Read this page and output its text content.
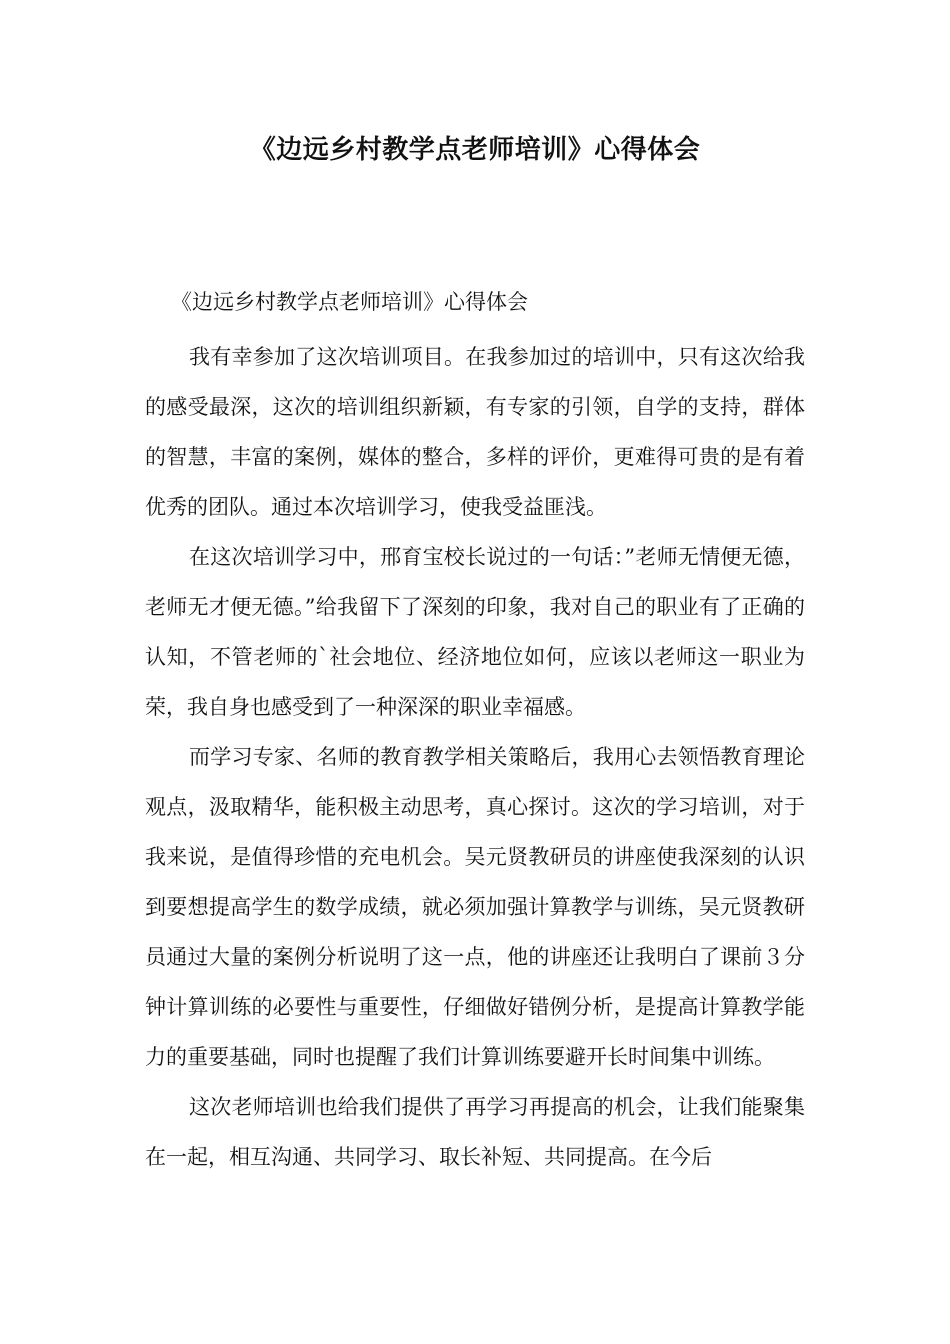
《边远乡村教学点老师培训》心得体会

《边远乡村教学点老师培训》心得体会

我有幸参加了这次培训项目。在我参加过的培训中，只有这次给我的感受最深，这次的培训组织新颖，有专家的引领，自学的支持，群体的智慧，丰富的案例，媒体的整合，多样的评价，更难得可贵的是有着优秀的团队。通过本次培训学习，使我受益匪浅。

在这次培训学习中，邢育宝校长说过的一句话：”老师无情便无德，老师无才便无德。”给我留下了深刻的印象，我对自己的职业有了正确的认知，不管老师的`社会地位、经济地位如何，应该以老师这一职业为荣，我自身也感受到了一种深深的职业幸福感。

而学习专家、名师的教育教学相关策略后，我用心去领悟教育理论观点，汲取精华，能积极主动思考，真心探讨。这次的学习培训，对于我来说，是值得珍惜的充电机会。吴元贤教研员的讲座使我深刻的认识到要想提高学生的数学成绩，就必须加强计算教学与训练，吴元贤教研员通过大量的案例分析说明了这一点，他的讲座还让我明白了课前３分钟计算训练的必要性与重要性，仔细做好错例分析，是提高计算教学能力的重要基础，同时也提醒了我们计算训练要避开长时间集中训练。

这次老师培训也给我们提供了再学习再提高的机会，让我们能聚集在一起，相互沟通、共同学习、取长补短、共同提高。在今后
